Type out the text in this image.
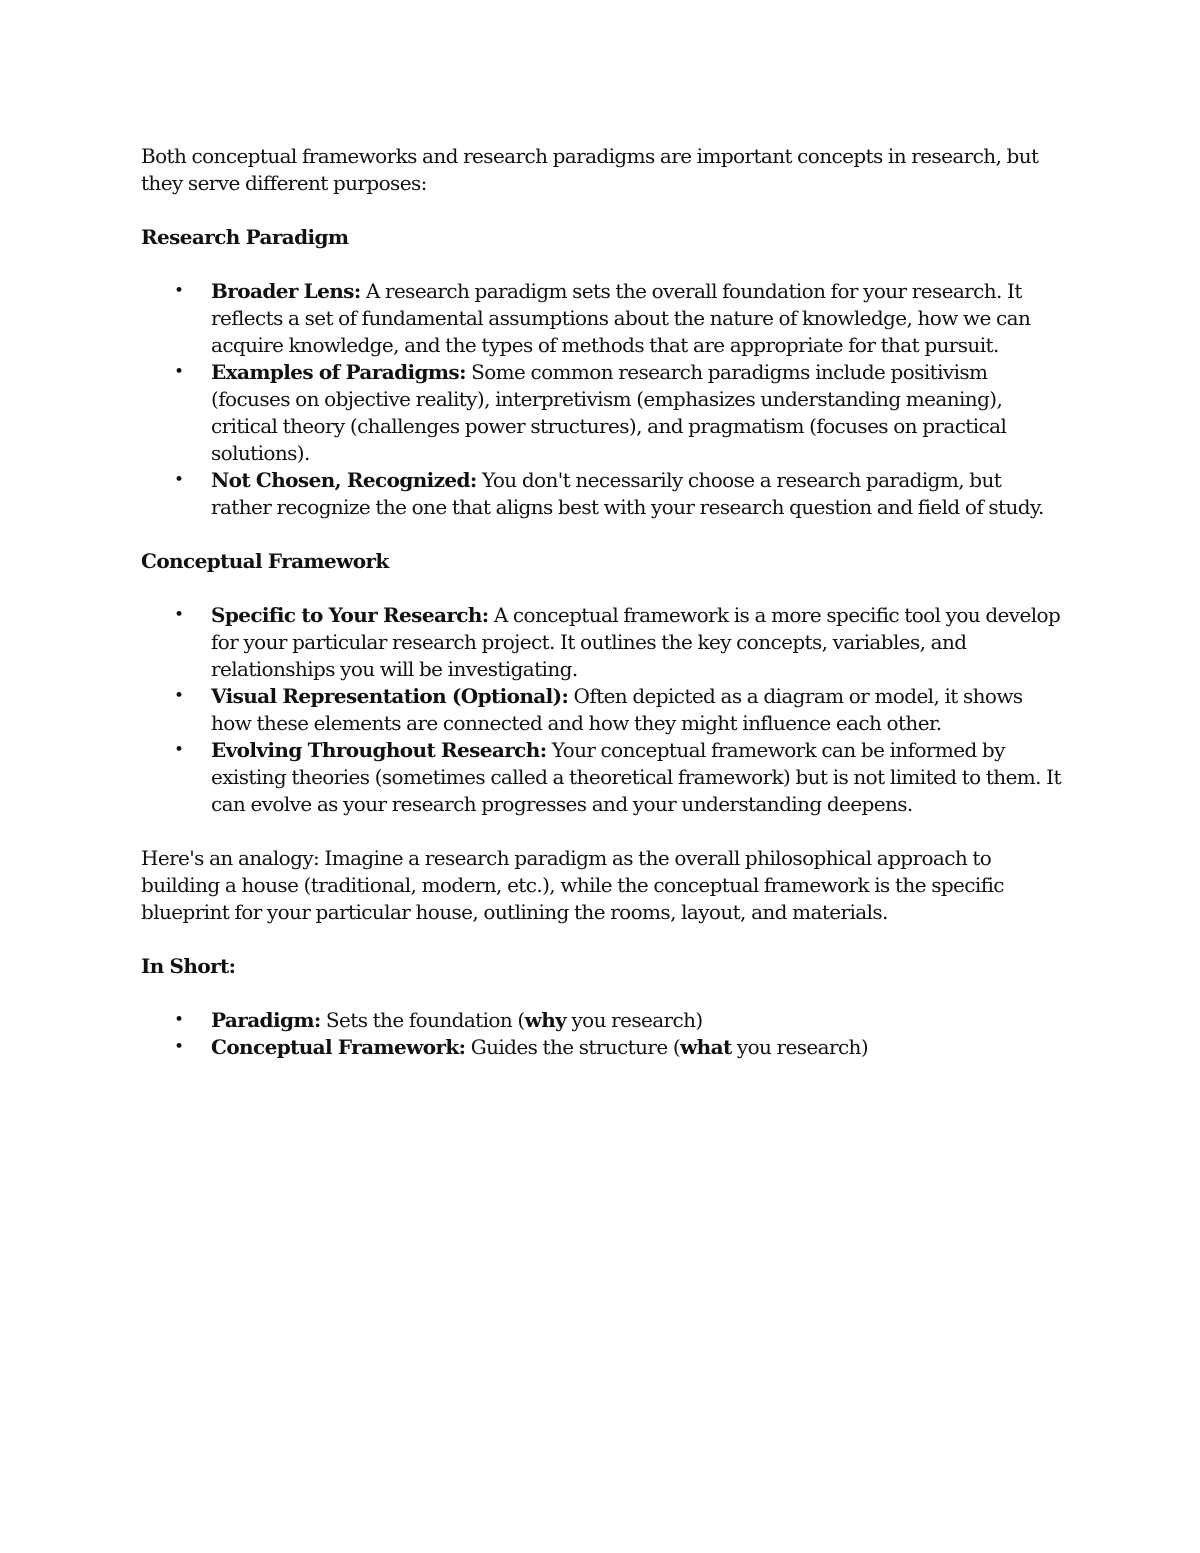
Both conceptual frameworks and research paradigms are important concepts in research, but they serve different purposes:

Research Paradigm

• Broader Lens: A research paradigm sets the overall foundation for your research. It reflects a set of fundamental assumptions about the nature of knowledge, how we can acquire knowledge, and the types of methods that are appropriate for that pursuit.
• Examples of Paradigms: Some common research paradigms include positivism (focuses on objective reality), interpretivism (emphasizes understanding meaning), critical theory (challenges power structures), and pragmatism (focuses on practical solutions).
• Not Chosen, Recognized: You don't necessarily choose a research paradigm, but rather recognize the one that aligns best with your research question and field of study.

Conceptual Framework

• Specific to Your Research: A conceptual framework is a more specific tool you develop for your particular research project. It outlines the key concepts, variables, and relationships you will be investigating.
• Visual Representation (Optional): Often depicted as a diagram or model, it shows how these elements are connected and how they might influence each other.
• Evolving Throughout Research: Your conceptual framework can be informed by existing theories (sometimes called a theoretical framework) but is not limited to them. It can evolve as your research progresses and your understanding deepens.

Here's an analogy: Imagine a research paradigm as the overall philosophical approach to building a house (traditional, modern, etc.), while the conceptual framework is the specific blueprint for your particular house, outlining the rooms, layout, and materials.

In Short:

• Paradigm: Sets the foundation (why you research)
• Conceptual Framework: Guides the structure (what you research)
